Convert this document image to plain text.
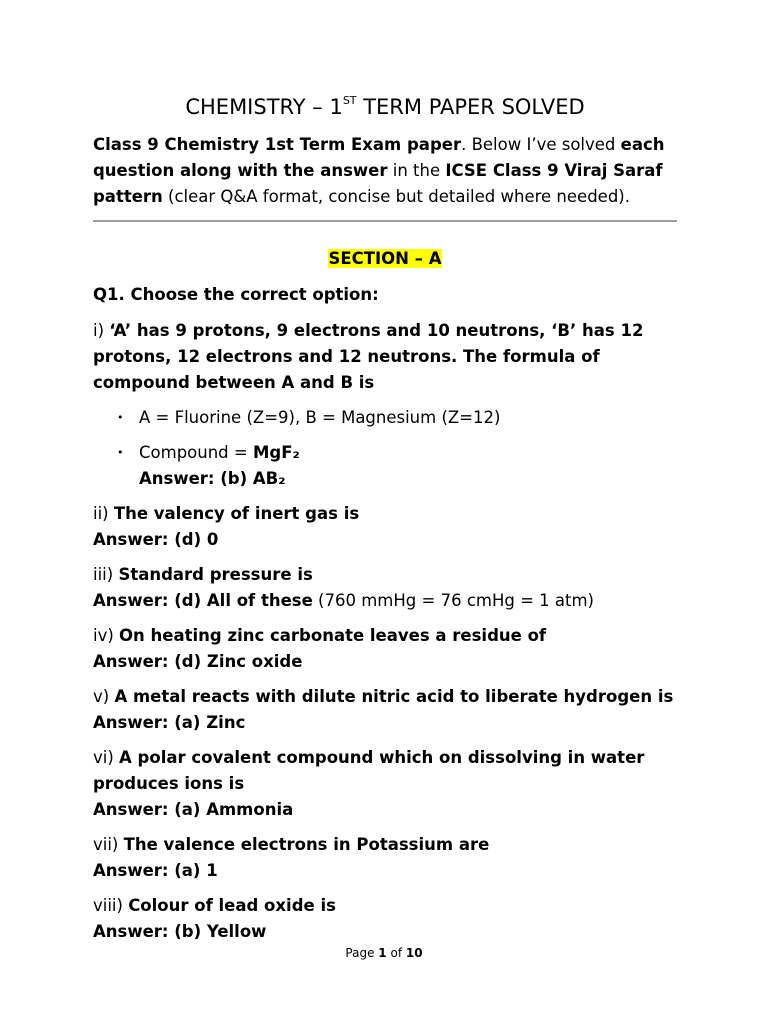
CHEMISTRY – 1ST TERM PAPER SOLVED

Class 9 Chemistry 1st Term Exam paper. Below I’ve solved each question along with the answer in the ICSE Class 9 Viraj Saraf pattern (clear Q&A format, concise but detailed where needed).

SECTION – A

Q1. Choose the correct option:

i) ‘A’ has 9 protons, 9 electrons and 10 neutrons, ‘B’ has 12 protons, 12 electrons and 12 neutrons. The formula of compound between A and B is

• A = Fluorine (Z=9), B = Magnesium (Z=12)
• Compound = MgF₂
Answer: (b) AB₂

ii) The valency of inert gas is
Answer: (d) 0

iii) Standard pressure is
Answer: (d) All of these (760 mmHg = 76 cmHg = 1 atm)

iv) On heating zinc carbonate leaves a residue of
Answer: (d) Zinc oxide

v) A metal reacts with dilute nitric acid to liberate hydrogen is
Answer: (a) Zinc

vi) A polar covalent compound which on dissolving in water produces ions is
Answer: (a) Ammonia

vii) The valence electrons in Potassium are
Answer: (a) 1

viii) Colour of lead oxide is
Answer: (b) Yellow

Page 1 of 10
